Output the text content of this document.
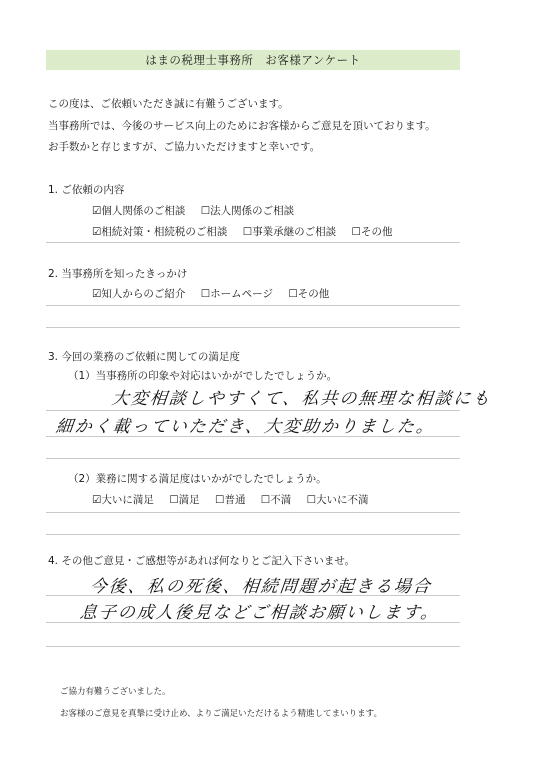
はまの税理士事務所　お客様アンケート
この度は、ご依頼いただき誠に有難うございます。
当事務所では、今後のサービス向上のためにお客様からご意見を頂いております。
お手数かと存じますが、ご協力いただけますと幸いです。
1. ご依頼の内容
☑個人関係のご相談 ☐法人関係のご相談
☑相続対策・相続税のご相談 ☐事業承継のご相談 ☐その他
2. 当事務所を知ったきっかけ
☑知人からのご紹介 ☐ホームページ ☐その他
3. 今回の業務のご依頼に関しての満足度
（1）当事務所の印象や対応はいかがでしたでしょうか。
大変相談しやすくて、私共の無理な相談にも
細かく載っていただき、大変助かりました。
（2）業務に関する満足度はいかがでしたでしょうか。
☑大いに満足 ☐満足 ☐普通 ☐不満 ☐大いに不満
4. その他ご意見・ご感想等があれば何なりとご記入下さいませ。
今後、私の死後、相続問題が起きる場合
息子の成人後見などご相談お願いします。
ご協力有難うございました。
お客様のご意見を真摯に受け止め、よりご満足いただけるよう精進してまいります。
